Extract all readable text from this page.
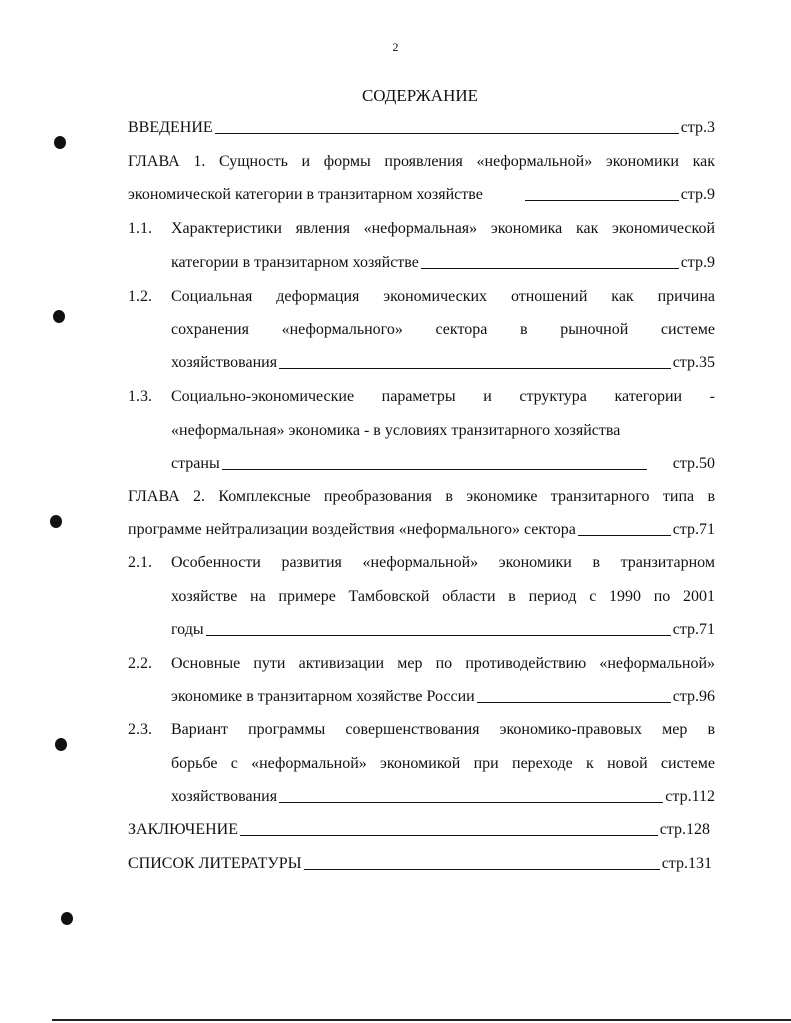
2
СОДЕРЖАНИЕ
ВВЕДЕНИЕ	стр.3
ГЛАВА 1. Сущность и формы проявления «неформальной» экономики как
экономической категории в транзитарном хозяйстве	стр.9
1.1. Характеристики явления «неформальная» экономика как экономической
категории в транзитарном хозяйстве	стр.9
1.2. Социальная деформация экономических отношений как причина
сохранения «неформального» сектора в рыночной системе
хозяйствования	стр.35
1.3. Социально-экономические параметры и структура категории -
«неформальная» экономика - в условиях транзитарного хозяйства
страны	стр.50
ГЛАВА 2. Комплексные преобразования в экономике транзитарного типа в
программе нейтрализации воздействия «неформального» сектора	стр.71
2.1. Особенности развития «неформальной» экономики в транзитарном
хозяйстве на примере Тамбовской области в период с 1990 по 2001
годы	стр.71
2.2. Основные пути активизации мер по противодействию «неформальной»
экономике в транзитарном хозяйстве России	стр.96
2.3. Вариант программы совершенствования экономико-правовых мер в
борьбе с «неформальной» экономикой при переходе к новой системе
хозяйствования	стр.112
ЗАКЛЮЧЕНИЕ	стр.128
СПИСОК ЛИТЕРАТУРЫ	стр.131
